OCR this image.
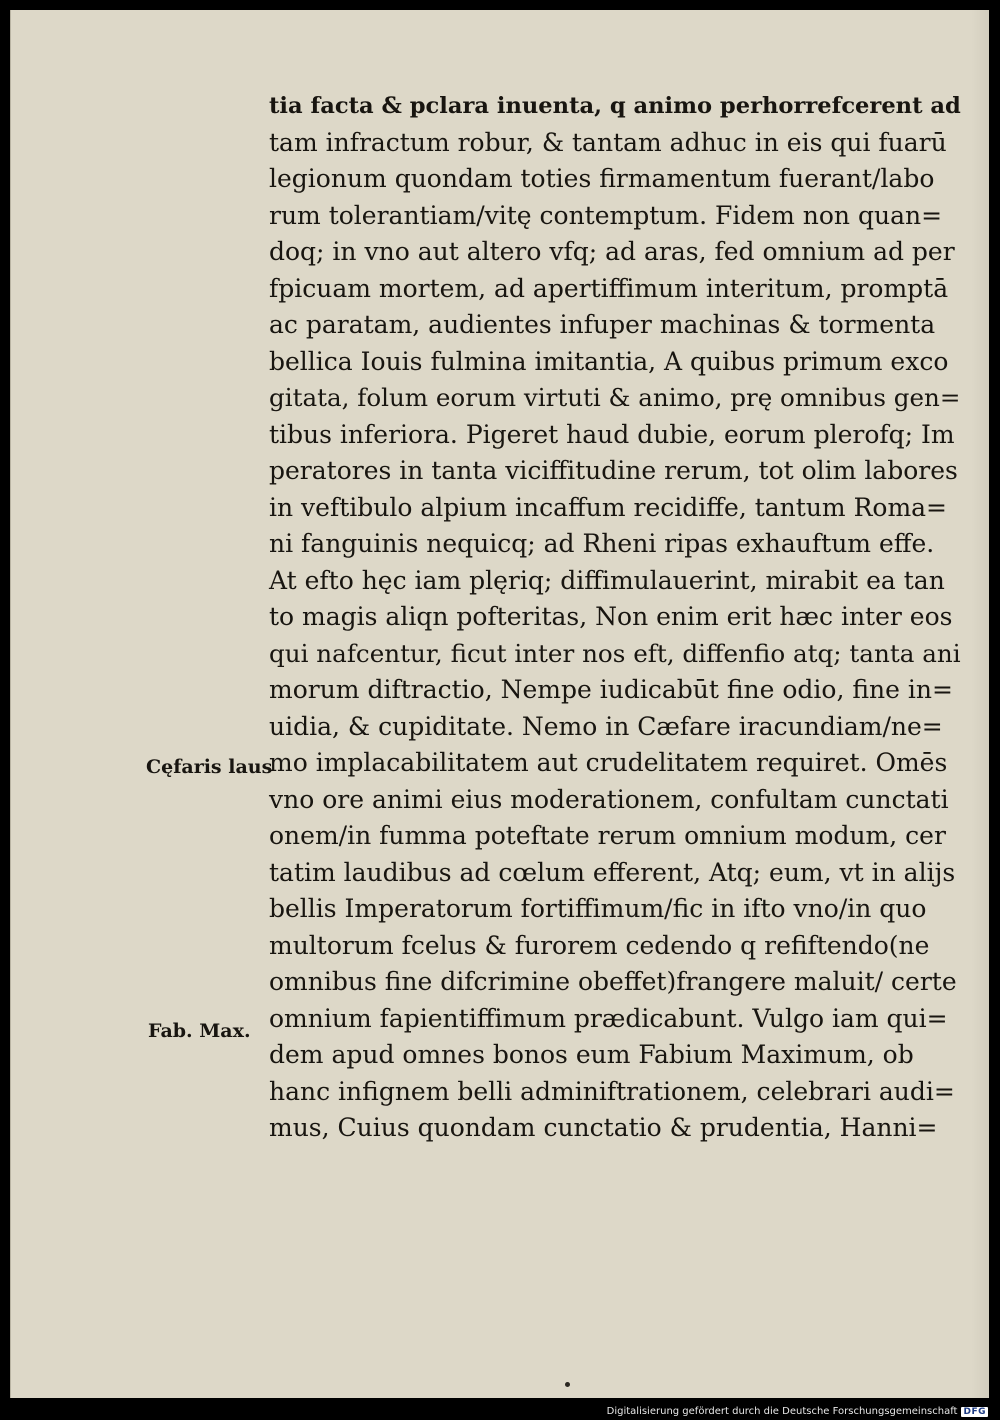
tia facta & pclara inuenta, q animo perhorrefcerent ad
tam infractum robur, & tantam adhuc in eis qui fuarū
legionum quondam toties firmamentum fuerant/labo
rum tolerantiam/vitę contemptum. Fidem non quan=
doq; in vno aut altero vfq; ad aras, fed omnium ad per
fpicuam mortem, ad apertiffimum interitum, promptā
ac paratam, audientes infuper machinas & tormenta
bellica Iouis fulmina imitantia, A quibus primum exco
gitata, folum eorum virtuti & animo, prę omnibus gen=
tibus inferiora. Pigeret haud dubie, eorum plerofq; Im
peratores in tanta viciffitudine rerum, tot olim labores
in veftibulo alpium incaffum recidiffe, tantum Roma=
ni fanguinis nequicq; ad Rheni ripas exhauftum effe.
At efto hęc iam plęriq; diffimulauerint, mirabit ea tan
to magis aliqn pofteritas, Non enim erit hæc inter eos
qui nafcentur, ficut inter nos eft, diffenfio atq; tanta ani
morum diftractio, Nempe iudicabūt fine odio, fine in=
uidia, & cupiditate. Nemo in Cæfare iracundiam/ne=
mo implacabilitatem aut crudelitatem requiret. Omēs
vno ore animi eius moderationem, confultam cunctati
onem/in fumma poteftate rerum omnium modum, cer
tatim laudibus ad cœlum efferent, Atq; eum, vt in alijs
bellis Imperatorum fortiffimum/fic in ifto vno/in quo
multorum fcelus & furorem cedendo q refiftendo(ne
omnibus fine difcrimine obeffet)frangere maluit/ certe
omnium fapientiffimum prædicabunt. Vulgo iam qui=
dem apud omnes bonos eum Fabium Maximum, ob
hanc infignem belli adminiftrationem, celebrari audi=
mus, Cuius quondam cunctatio & prudentia, Hanni=
Cęfaris laus
Fab. Max.
Digitalisierung gefördert durch die Deutsche Forschungsgemeinschaft DFG
